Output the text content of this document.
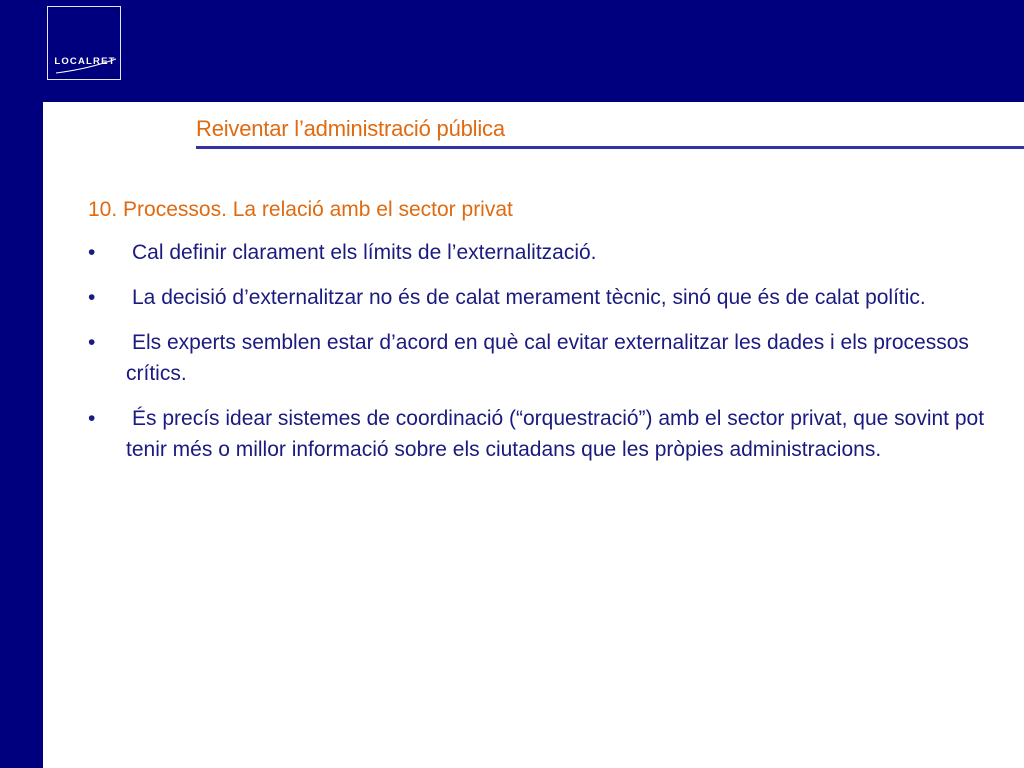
LOCALRET
Reiventar l’administració pública
10. Processos. La relació amb el sector privat
•	Cal definir clarament els límits de l’externalització.
•	La decisió d’externalitzar no és de calat merament tècnic, sinó que és de calat polític.
•	Els experts semblen estar d’acord en què cal evitar externalitzar les dades i els processos crítics.
•	És precís idear sistemes de coordinació (“orquestració”) amb el sector privat, que sovint pot tenir més o millor informació sobre els ciutadans que les pròpies administracions.
